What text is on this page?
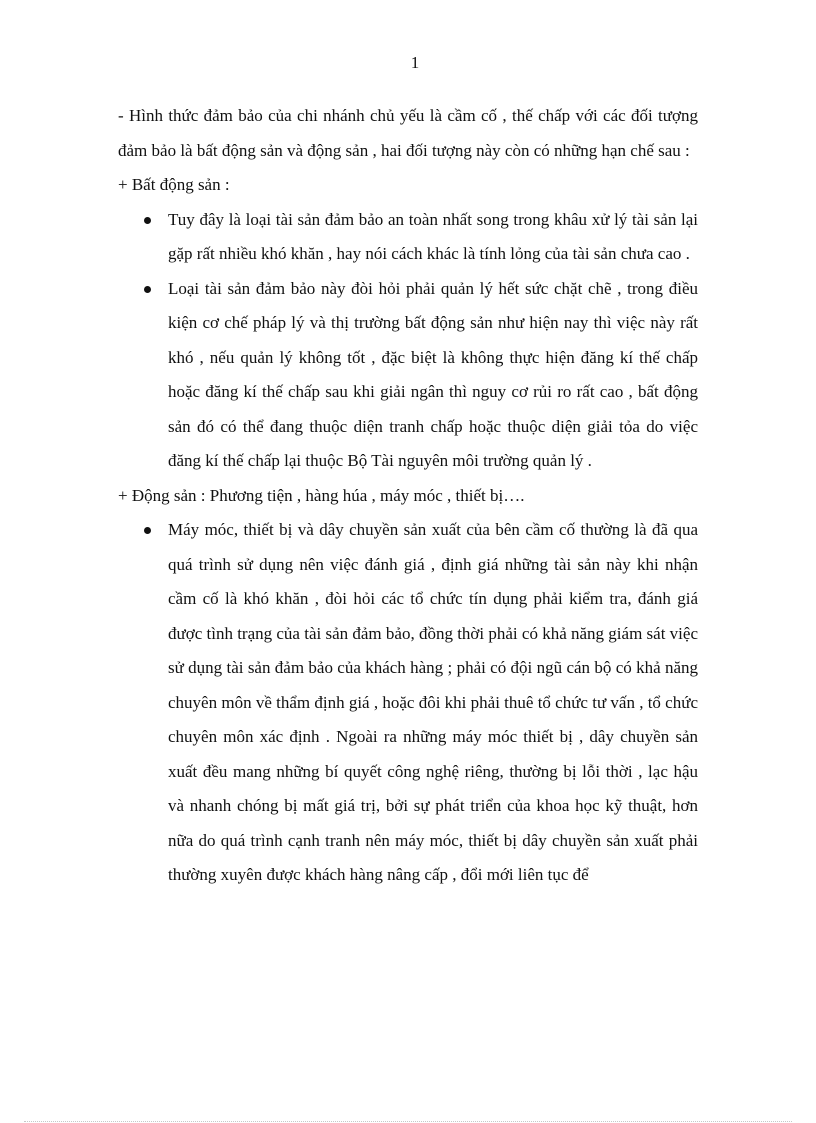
1

- Hình thức đảm bảo của chi nhánh chủ yếu là cầm cố , thế chấp với các đối tượng đảm bảo là bất động sản và động sản , hai đối tượng này còn có những hạn chế sau :

+ Bất động sản :
Tuy đây là loại tài sản đảm bảo an toàn nhất song trong khâu xử lý tài sản lại gặp rất nhiều khó khăn , hay nói cách khác là tính lỏng của tài sản chưa cao .
Loại tài sản đảm bảo này đòi hỏi phải quản lý hết sức chặt chẽ , trong điều kiện cơ chế pháp lý và thị trường bất động sản như hiện nay thì việc này rất khó , nếu quản lý không tốt , đặc biệt là không thực hiện đăng kí thế chấp hoặc đăng kí thế chấp sau khi giải ngân thì nguy cơ rủi ro rất cao , bất động sản đó có thể đang thuộc diện tranh chấp hoặc thuộc diện giải tỏa do việc đăng kí thế chấp lại thuộc Bộ Tài nguyên môi trường quản lý .
+ Động sản : Phương tiện , hàng húa , máy móc , thiết bị….
Máy móc, thiết bị và dây chuyền sản xuất của bên cầm cố thường là đã qua quá trình sử dụng nên việc đánh giá , định giá những tài sản này khi nhận cầm cố là khó khăn , đòi hỏi các tổ chức tín dụng phải kiểm tra, đánh giá được tình trạng của tài sản đảm bảo, đồng thời phải có khả năng giám sát việc sử dụng tài sản đảm bảo của khách hàng ; phải có đội ngũ cán bộ có khả năng chuyên môn về thẩm định giá , hoặc đôi khi phải thuê tổ chức tư vấn , tổ chức chuyên môn xác định . Ngoài ra những máy móc thiết bị , dây chuyền sản xuất đều mang những bí quyết công nghệ riêng, thường bị lỗi thời , lạc hậu và nhanh chóng bị mất giá trị, bởi sự phát triển của khoa học kỹ thuật, hơn nữa do quá trình cạnh tranh nên máy móc, thiết bị dây chuyền sản xuất phải thường xuyên được khách hàng nâng cấp , đổi mới liên tục để
